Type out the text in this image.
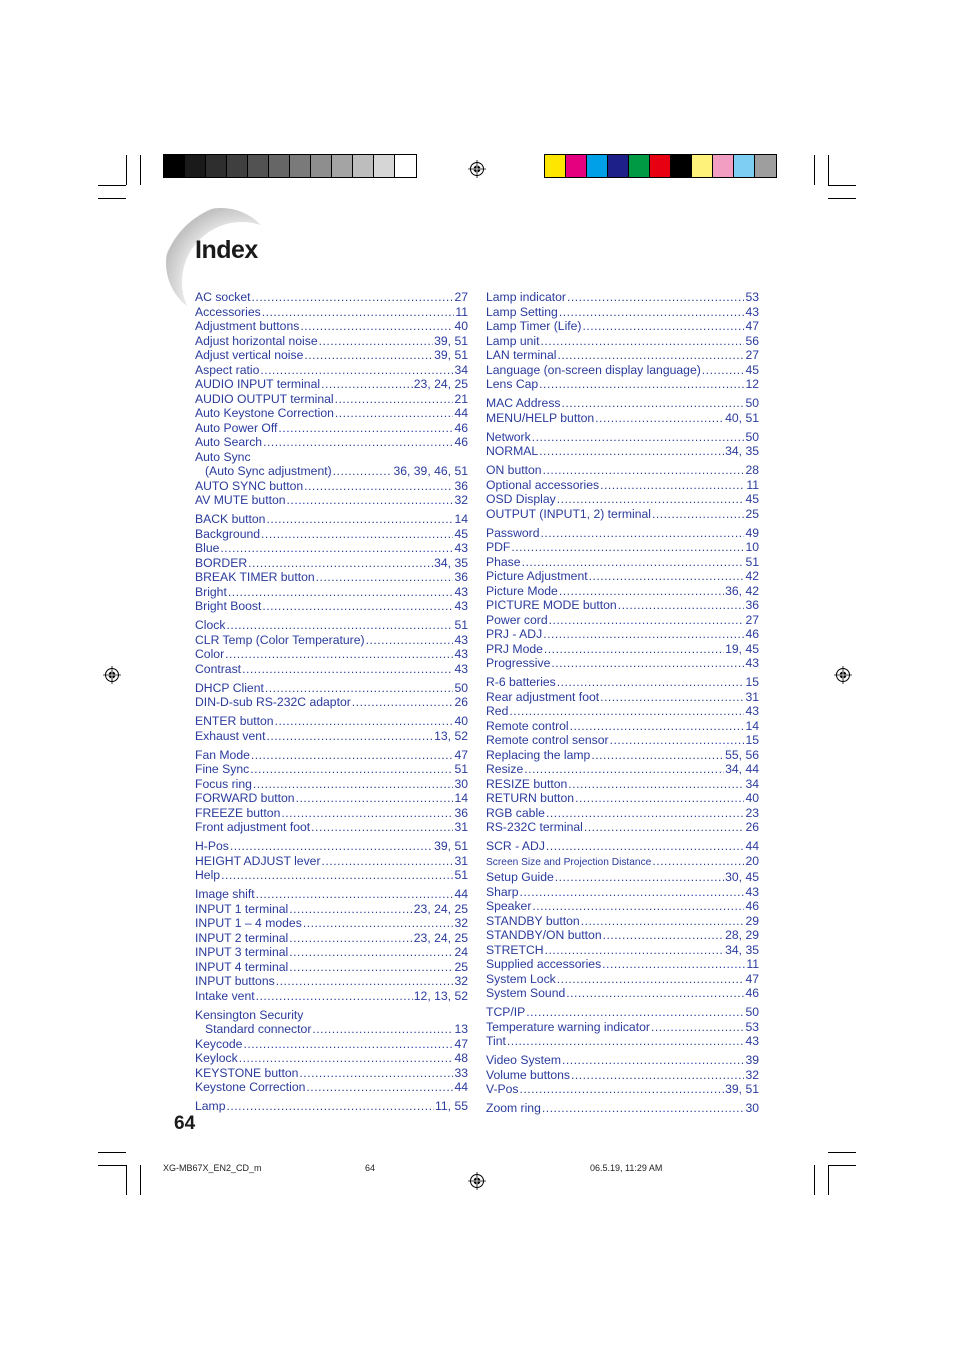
Index
AC socket .....	27
Accessories .....	11
Adjustment buttons .....	40
Adjust horizontal noise .....	39, 51
Adjust vertical noise .....	39, 51
Aspect ratio .....	34
AUDIO INPUT terminal .....	23, 24, 25
AUDIO OUTPUT terminal .....	21
Auto Keystone Correction .....	44
Auto Power Off .....	46
Auto Search .....	46
Auto Sync
(Auto Sync adjustment) .....	36, 39, 46, 51
AUTO SYNC button .....	36
AV MUTE button .....	32
BACK button .....	14
Background .....	45
Blue .....	43
BORDER .....	34, 35
BREAK TIMER button .....	36
Bright .....	43
Bright Boost .....	43
Clock .....	51
CLR Temp (Color Temperature) .....	43
Color .....	43
Contrast .....	43
DHCP Client .....	50
DIN-D-sub RS-232C adaptor .....	26
ENTER button .....	40
Exhaust vent .....	13, 52
Fan Mode .....	47
Fine Sync .....	51
Focus ring .....	30
FORWARD button .....	14
FREEZE button .....	36
Front adjustment foot .....	31
H-Pos .....	39, 51
HEIGHT ADJUST lever .....	31
Help .....	51
Image shift .....	44
INPUT 1 terminal .....	23, 24, 25
INPUT 1 – 4 modes .....	32
INPUT 2 terminal .....	23, 24, 25
INPUT 3 terminal .....	24
INPUT 4 terminal .....	25
INPUT buttons .....	32
Intake vent .....	12, 13, 52
Kensington Security
Standard connector .....	13
Keycode .....	47
Keylock .....	48
KEYSTONE button .....	33
Keystone Correction .....	44
Lamp .....	11, 55
Lamp indicator .....	53
Lamp Setting .....	43
Lamp Timer (Life) .....	47
Lamp unit .....	56
LAN terminal .....	27
Language (on-screen display language) .....	45
Lens Cap .....	12
MAC Address .....	50
MENU/HELP button .....	40, 51
Network .....	50
NORMAL .....	34, 35
ON button .....	28
Optional accessories .....	11
OSD Display .....	45
OUTPUT (INPUT1, 2) terminal .....	25
Password .....	49
PDF .....	10
Phase .....	51
Picture Adjustment .....	42
Picture Mode .....	36, 42
PICTURE MODE button .....	36
Power cord .....	27
PRJ - ADJ .....	46
PRJ Mode .....	19, 45
Progressive .....	43
R-6 batteries .....	15
Rear adjustment foot .....	31
Red .....	43
Remote control .....	14
Remote control sensor .....	15
Replacing the lamp .....	55, 56
Resize .....	34, 44
RESIZE button .....	34
RETURN button .....	40
RGB cable .....	23
RS-232C terminal .....	26
SCR - ADJ .....	44
Screen Size and Projection Distance .....	20
Setup Guide .....	30, 45
Sharp .....	43
Speaker .....	46
STANDBY button .....	29
STANDBY/ON button .....	28, 29
STRETCH .....	34, 35
Supplied accessories .....	11
System Lock .....	47
System Sound .....	46
TCP/IP .....	50
Temperature warning indicator .....	53
Tint .....	43
Video System .....	39
Volume buttons .....	32
V-Pos .....	39, 51
Zoom ring .....	30
64
XG-MB67X_EN2_CD_m	64	06.5.19, 11:29 AM
